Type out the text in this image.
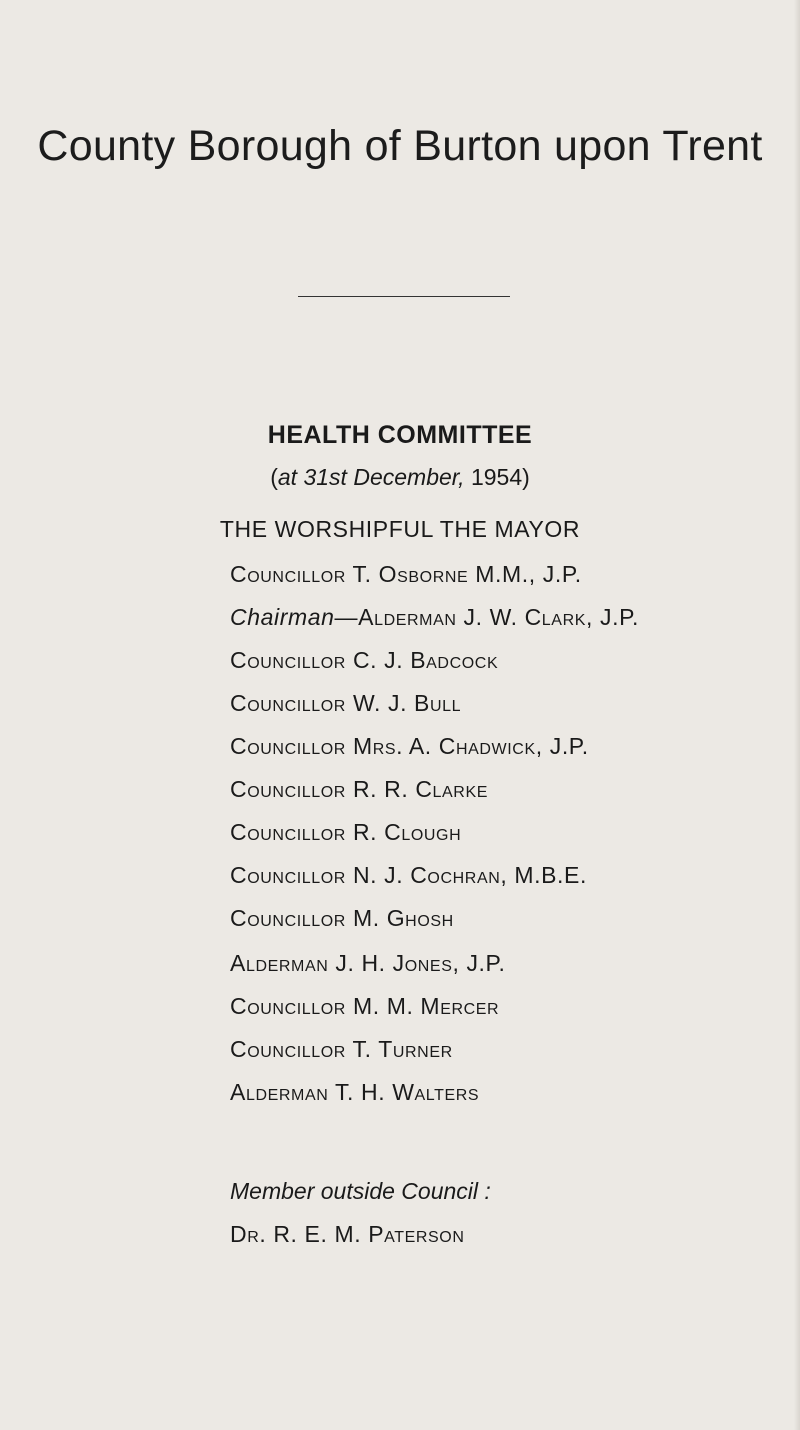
County Borough of Burton upon Trent
HEALTH COMMITTEE
(at 31st December, 1954)
THE WORSHIPFUL THE MAYOR
Councillor T. Osborne M.M., J.P.
Chairman—Alderman J. W. Clark, J.P.
Councillor C. J. Badcock
Councillor W. J. Bull
Councillor Mrs. A. Chadwick, J.P.
Councillor R. R. Clarke
Councillor R. Clough
Councillor N. J. Cochran, M.B.E.
Councillor M. Ghosh
Alderman J. H. Jones, J.P.
Councillor M. M. Mercer
Councillor T. Turner
Alderman T. H. Walters
Member outside Council :
Dr. R. E. M. Paterson
